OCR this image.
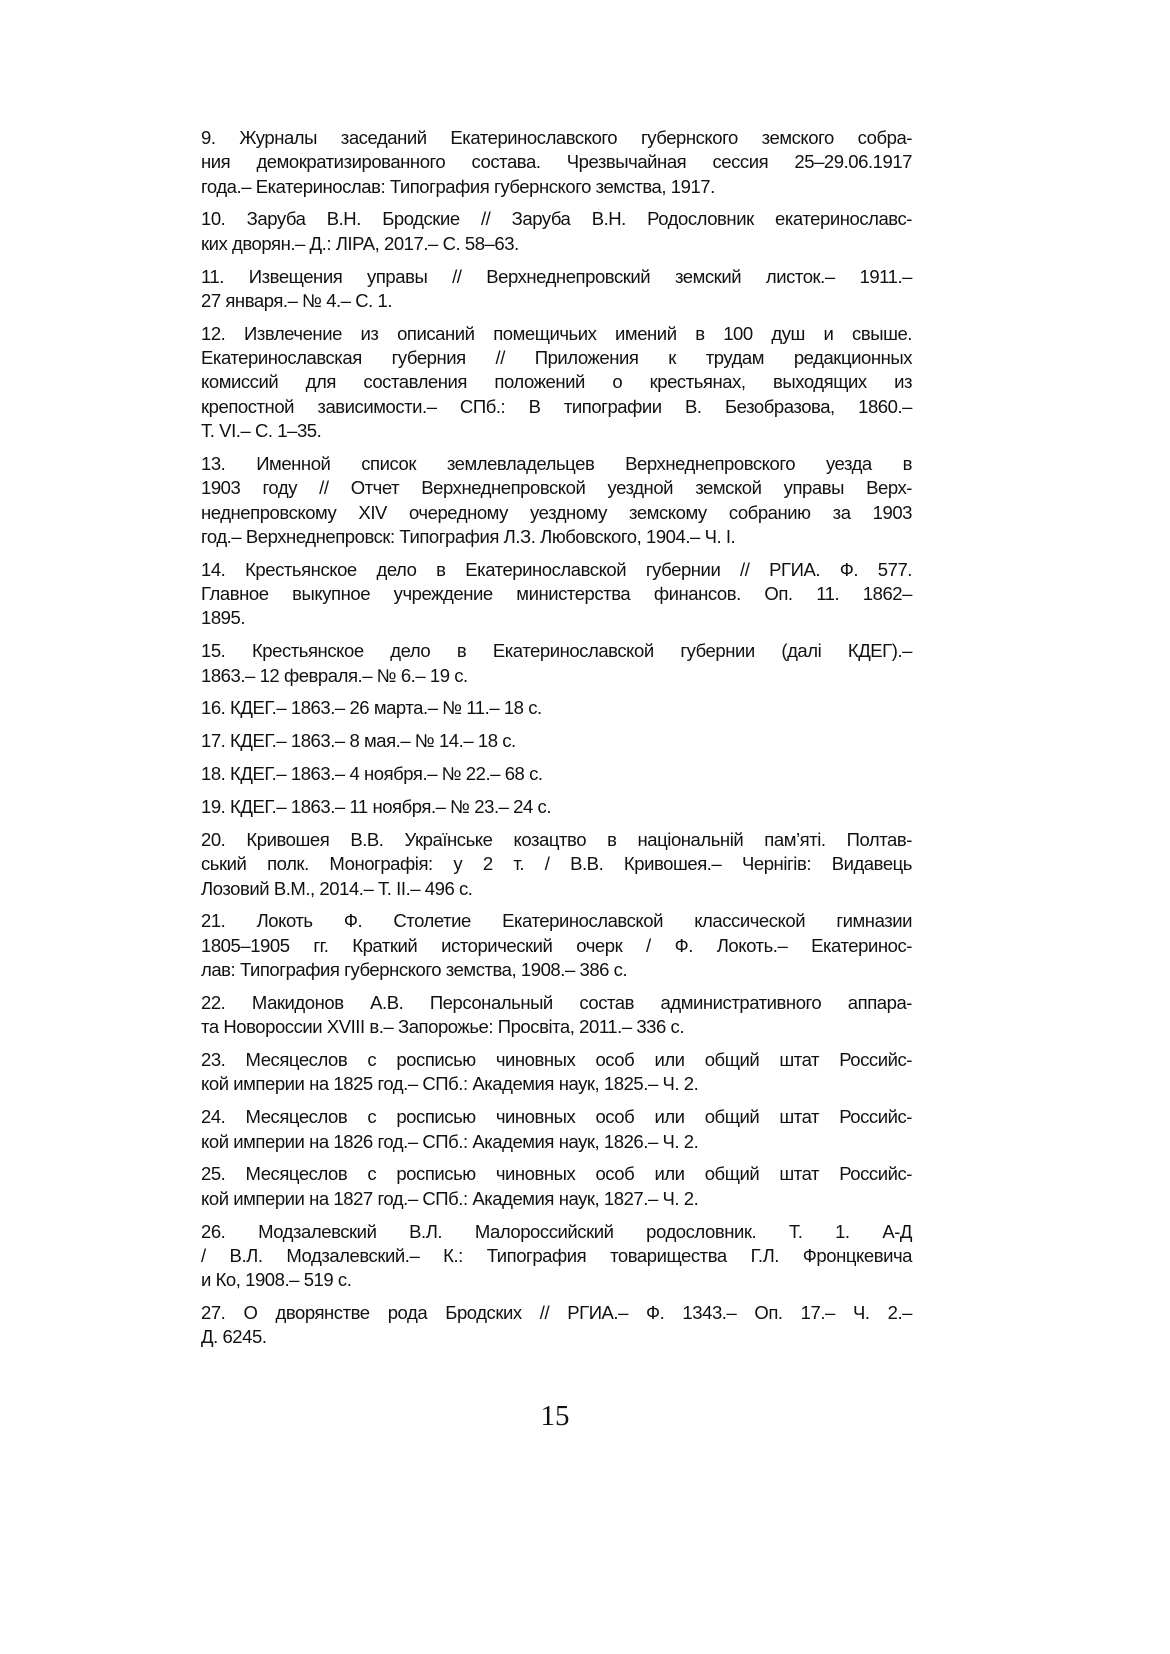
9. Журналы заседаний Екатеринославского губернского земского собра-
ния демократизированного состава. Чрезвычайная сессия 25–29.06.1917
года.– Екатеринослав: Типография губернского земства, 1917.
10. Заруба В.Н. Бродские // Заруба В.Н. Родословник екатеринославс-
ких дворян.– Д.: ЛІРА, 2017.– С. 58–63.
11. Извещения управы // Верхнеднепровский земский листок.– 1911.–
27 января.– № 4.– С. 1.
12. Извлечение из описаний помещичьих имений в 100 душ и свыше.
Екатеринославская губерния // Приложения к трудам редакционных
комиссий для составления положений о крестьянах, выходящих из
крепостной зависимости.– СПб.: В типографии В. Безобразова, 1860.–
Т. VI.– С. 1–35.
13. Именной список землевладельцев Верхнеднепровского уезда в
1903 году // Отчет Верхнеднепровской уездной земской управы Верх-
неднепровскому XIV очередному уездному земскому собранию за 1903
год.– Верхнеднепровск: Типография Л.З. Любовского, 1904.– Ч. I.
14. Крестьянское дело в Екатеринославской губернии // РГИА. Ф. 577.
Главное выкупное учреждение министерства финансов. Оп. 11. 1862–
1895.
15. Крестьянское дело в Екатеринославской губернии (далі КДЕГ).–
1863.– 12 февраля.– № 6.– 19 с.
16. КДЕГ.– 1863.– 26 марта.– № 11.– 18 с.
17. КДЕГ.– 1863.– 8 мая.– № 14.– 18 с.
18. КДЕГ.– 1863.– 4 ноября.– № 22.– 68 с.
19. КДЕГ.– 1863.– 11 ноября.– № 23.– 24 с.
20. Кривошея В.В. Українське козацтво в національній пам’яті. Полтав-
ський полк. Монографія: у 2 т. / В.В. Кривошея.– Чернігів: Видавець
Лозовий В.М., 2014.– Т. II.– 496 с.
21. Локоть Ф. Столетие Екатеринославской классической гимназии
1805–1905 гг. Краткий исторический очерк / Ф. Локоть.– Екатеринос-
лав: Типография губернского земства, 1908.– 386 с.
22. Макидонов А.В. Персональный состав административного аппара-
та Новороссии XVIII в.– Запорожье: Просвіта, 2011.– 336 с.
23. Месяцеслов с росписью чиновных особ или общий штат Российс-
кой империи на 1825 год.– СПб.: Академия наук, 1825.– Ч. 2.
24. Месяцеслов с росписью чиновных особ или общий штат Российс-
кой империи на 1826 год.– СПб.: Академия наук, 1826.– Ч. 2.
25. Месяцеслов с росписью чиновных особ или общий штат Российс-
кой империи на 1827 год.– СПб.: Академия наук, 1827.– Ч. 2.
26. Модзалевский В.Л. Малороссийский родословник. Т. 1. А-Д
/ В.Л. Модзалевский.– К.: Типография товарищества Г.Л. Фронцкевича
и Ко, 1908.– 519 с.
27. О дворянстве рода Бродских // РГИА.– Ф. 1343.– Оп. 17.– Ч. 2.–
Д. 6245.
15
